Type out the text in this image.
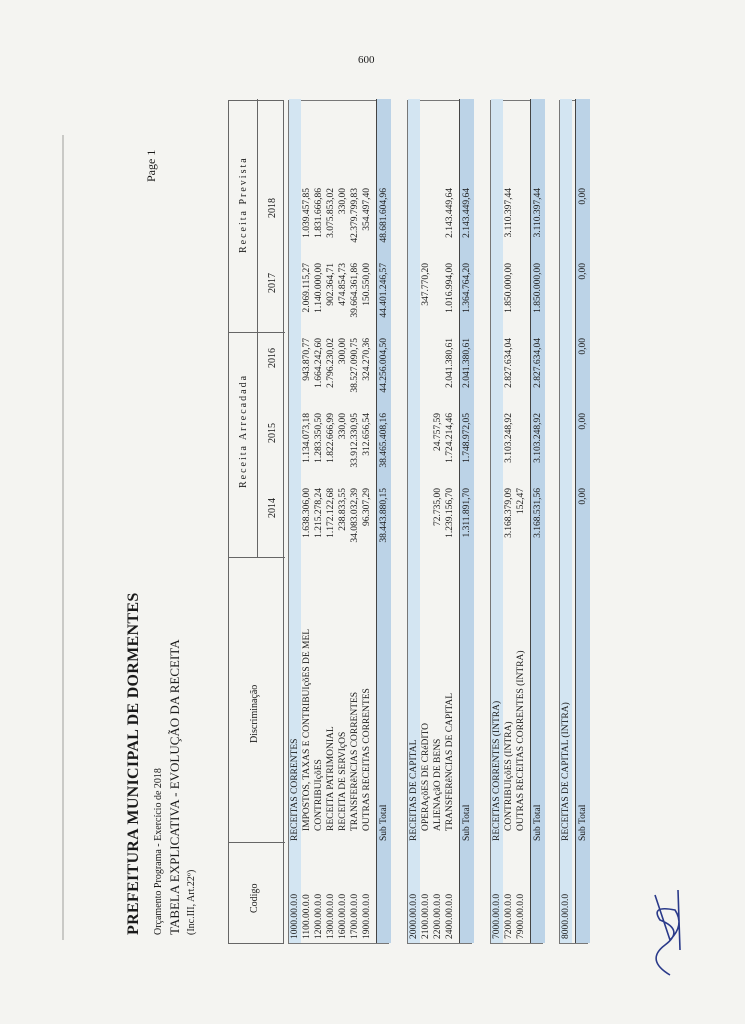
600
PREFEITURA MUNICIPAL DE DORMENTES
Page 1
Orçamento Programa - Exercício de 2018 TABELA EXPLICATIVA - EVOLUÇÃO DA RECEITA (Inc.III, Art.22º)	Codigo
Discriminação
Receita Arrecadada
Receita Prevista
2014
2015
2016
2017
2018
1000.00.0.0
RECEITAS CORRENTES
1100.00.0.0
IMPOSTOS, TAXAS E CONTRIBUIçõES DE MEL
1.638.306,00
1.134.073,18
943.870,77
2.069.115,27
1.039.457,85
1200.00.0.0
CONTRIBUIçõES
1.215.278,24
1.283.350,50
1.664.242,60
1.140.000,00
1.831.666,86
1300.00.0.0
RECEITA PATRIMONIAL
1.172.122,68
1.822.666,99
2.796.230,02
902.364,71
3.075.853,02
1600.00.0.0
RECEITA DE SERVIçOS
238.833,55
330,00
300,00
474.854,73
330,00
1700.00.0.0
TRANSFERêNCIAS CORRENTES
34.083.032,39
33.912.330,95
38.527.090,75
39.664.361,86
42.379.799,83
1900.00.0.0
OUTRAS RECEITAS CORRENTES
96.307,29
312.656,54
324.270,36
150.550,00
354.497,40
Sub Total
38.443.880,15
38.465.408,16
44.256.004,50
44.401.246,57
48.681.604,96
2000.00.0.0
RECEITAS DE CAPITAL
2100.00.0.0
OPERAçõES DE CRéDITO
347.770,20
2200.00.0.0
ALIENAçãO DE BENS
72.735,00
24.757,59
2400.00.0.0
TRANSFERêNCIAS DE CAPITAL
1.239.156,70
1.724.214,46
2.041.380,61
1.016.994,00
2.143.449,64
Sub Total
1.311.891,70
1.748.972,05
2.041.380,61
1.364.764,20
2.143.449,64
7000.00.0.0
RECEITAS CORRENTES (INTRA)
7200.00.0.0
CONTRIBUIçõES (INTRA)
3.168.379,09
3.103.248,92
2.827.634,04
1.850.000,00
3.110.397,44
7900.00.0.0
OUTRAS RECEITAS CORRENTES (INTRA)
152,47
Sub Total
3.168.531,56
3.103.248,92
2.827.634,04
1.850.000,00
3.110.397,44
8000.00.0.0
RECEITAS DE CAPITAL (INTRA) Sub Total
0,00
0,00
0,00
0,00
0,00
